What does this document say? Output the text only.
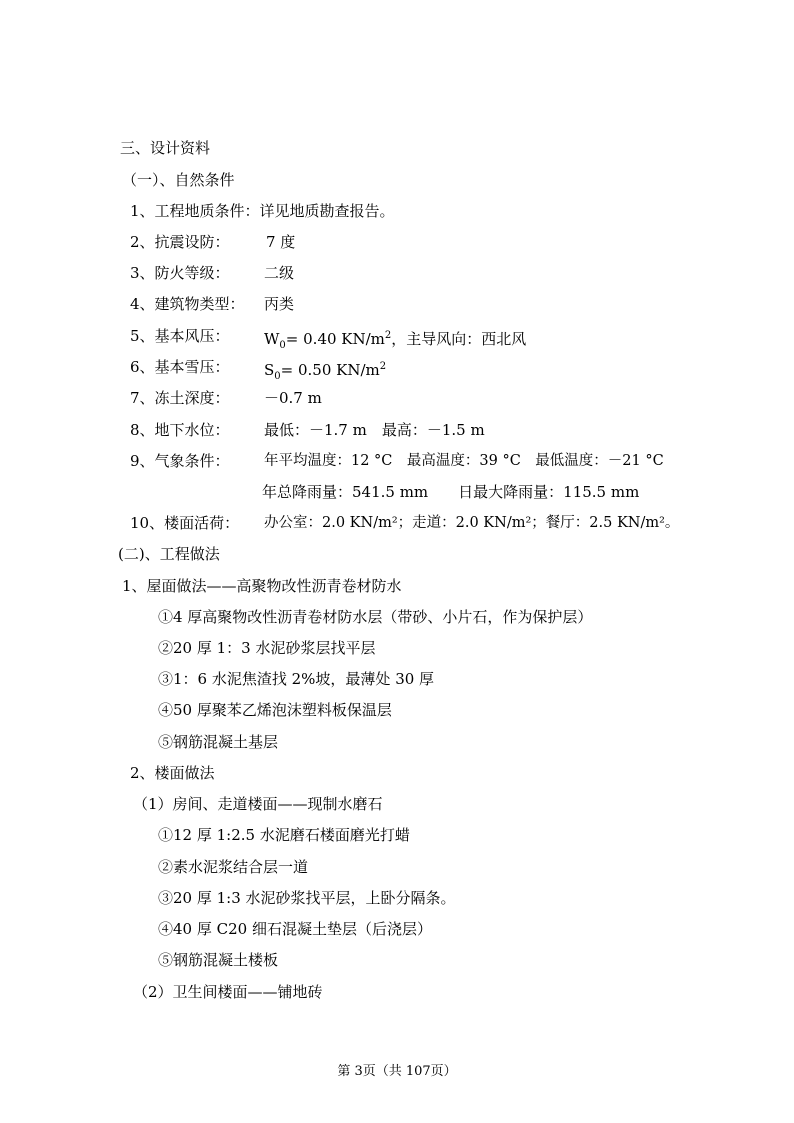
三、设计资料
（一）、自然条件
1、工程地质条件：详见地质勘查报告。
2、抗震设防： 7 度
3、防火等级： 二级
4、建筑物类型： 丙类
5、基本风压： $W_0= 0.40$ $KN/m^2$，主导风向：西北风
6、基本雪压： $S_0= 0.50$ $KN/m^2$
7、冻土深度： －0.7 m
8、地下水位： 最低：－1.7 m　最高：－1.5 m
9、气象条件： 年平均温度：12 °C　最高温度：39 °C　最低温度：－21 °C
年总降雨量：541.5 mm　　日最大降雨量：115.5 mm
10、楼面活荷： 办公室：2.0 KN/m²；走道：2.0 KN/m²；餐厅：2.5 KN/m²。
(二)、工程做法
1、屋面做法——高聚物改性沥青卷材防水
①4 厚高聚物改性沥青卷材防水层（带砂、小片石，作为保护层）
②20 厚 1：3 水泥砂浆层找平层
③1：6 水泥焦渣找 2%坡，最薄处 30 厚
④50 厚聚苯乙烯泡沫塑料板保温层
⑤钢筋混凝土基层
2、楼面做法
（1）房间、走道楼面——现制水磨石
①12 厚 1:2.5 水泥磨石楼面磨光打蜡
②素水泥浆结合层一道
③20 厚 1:3 水泥砂浆找平层，上卧分隔条。
④40 厚 C20 细石混凝土垫层（后浇层）
⑤钢筋混凝土楼板
（2）卫生间楼面——铺地砖
第 3页（共 107页）
